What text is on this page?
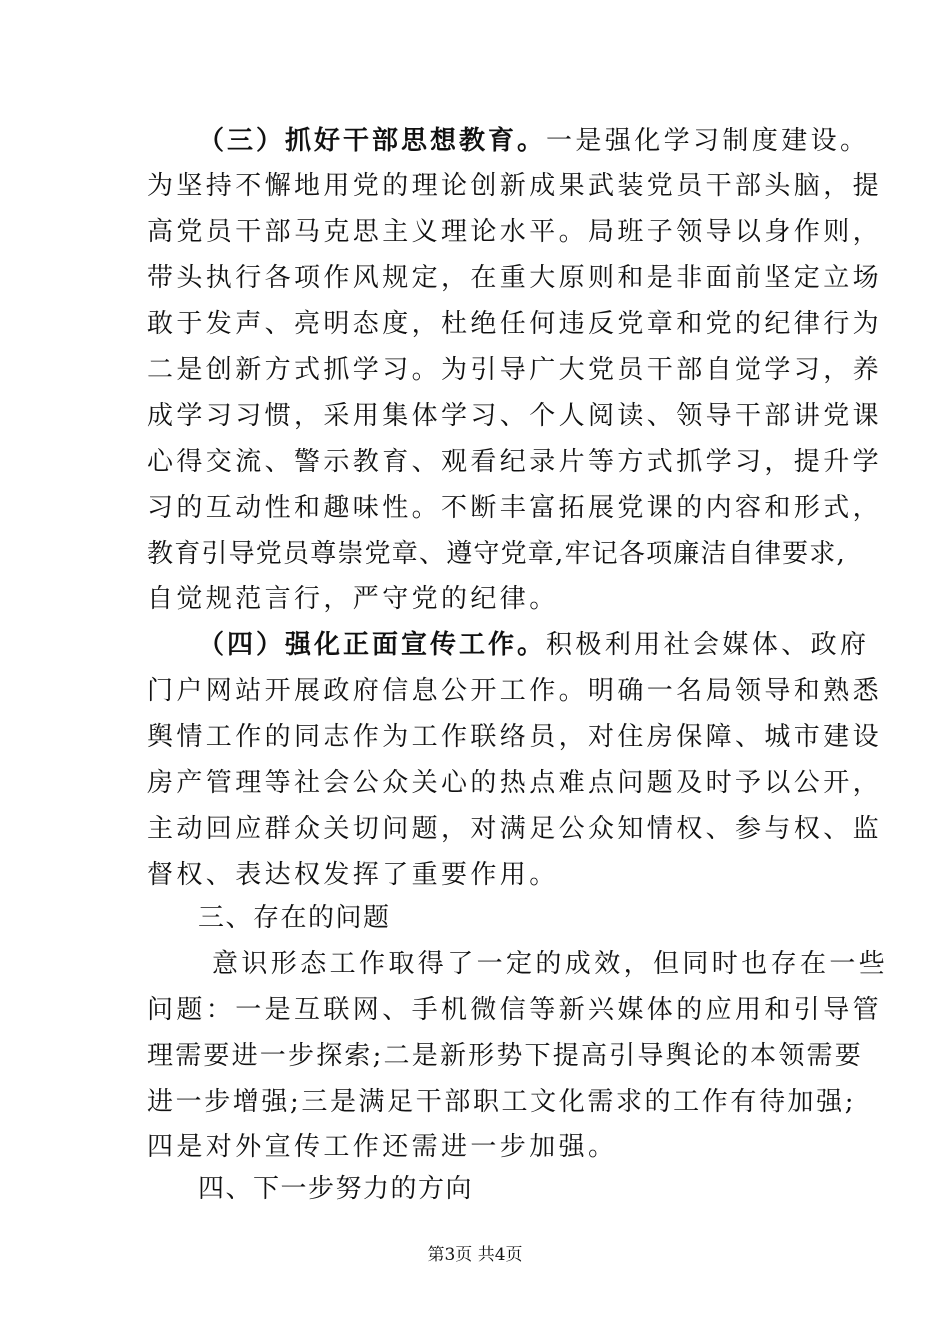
（三）抓好干部思想教育。一是强化学习制度建设。
为坚持不懈地用党的理论创新成果武装党员干部头脑，提
高党员干部马克思主义理论水平。局班子领导以身作则，
带头执行各项作风规定，在重大原则和是非面前坚定立场
敢于发声、亮明态度，杜绝任何违反党章和党的纪律行为
二是创新方式抓学习。为引导广大党员干部自觉学习，养
成学习习惯，采用集体学习、个人阅读、领导干部讲党课
心得交流、警示教育、观看纪录片等方式抓学习，提升学
习的互动性和趣味性。不断丰富拓展党课的内容和形式，
教育引导党员尊崇党章、遵守党章,牢记各项廉洁自律要求,
自觉规范言行，严守党的纪律。
（四）强化正面宣传工作。积极利用社会媒体、政府
门户网站开展政府信息公开工作。明确一名局领导和熟悉
舆情工作的同志作为工作联络员，对住房保障、城市建设
房产管理等社会公众关心的热点难点问题及时予以公开，
主动回应群众关切问题，对满足公众知情权、参与权、监
督权、表达权发挥了重要作用。
三、存在的问题
意识形态工作取得了一定的成效，但同时也存在一些
问题：一是互联网、手机微信等新兴媒体的应用和引导管
理需要进一步探索;二是新形势下提高引导舆论的本领需要
进一步增强;三是满足干部职工文化需求的工作有待加强;
四是对外宣传工作还需进一步加强。
四、下一步努力的方向
第3页 共4页
